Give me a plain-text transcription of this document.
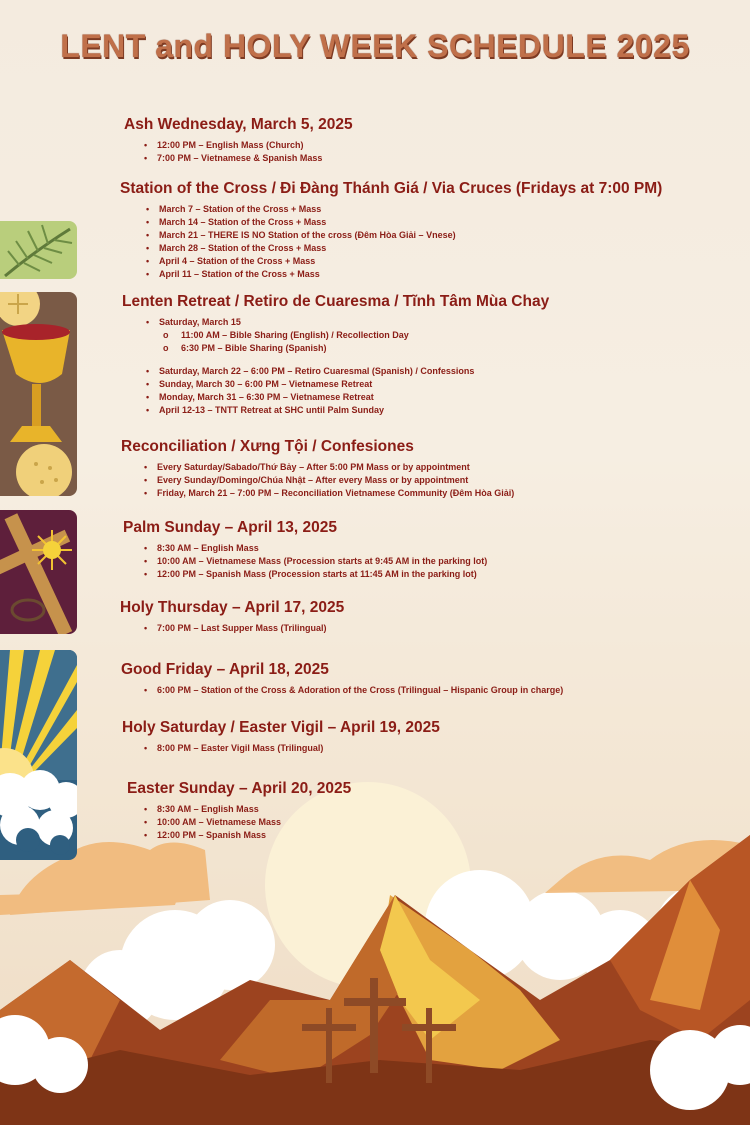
LENT and HOLY WEEK SCHEDULE 2025
Ash Wednesday, March 5, 2025
• 12:00 PM – English Mass (Church)
• 7:00 PM – Vietnamese & Spanish Mass
Station of the Cross / Đi Đàng Thánh Giá / Via Cruces (Fridays at 7:00 PM)
• March 7 – Station of the Cross + Mass
• March 14 – Station of the Cross + Mass
• March 21 – THERE IS NO Station of the cross (Đêm Hòa Giải – Vnese)
• March 28 – Station of the Cross + Mass
• April 4 – Station of the Cross + Mass
• April 11 – Station of the Cross + Mass
Lenten Retreat / Retiro de Cuaresma / Tĩnh Tâm Mùa Chay
• Saturday, March 15
o 11:00 AM – Bible Sharing (English) / Recollection Day
o 6:30 PM – Bible Sharing (Spanish)
• Saturday, March 22 – 6:00 PM – Retiro Cuaresmal (Spanish) / Confessions
• Sunday, March 30 – 6:00 PM – Vietnamese Retreat
• Monday, March 31 – 6:30 PM – Vietnamese Retreat
• April 12-13 – TNTT Retreat at SHC until Palm Sunday
Reconciliation / Xưng Tội / Confesiones
• Every Saturday/Sabado/Thứ Bảy – After 5:00 PM Mass or by appointment
• Every Sunday/Domingo/Chúa Nhật – After every Mass or by appointment
• Friday, March 21 – 7:00 PM – Reconciliation Vietnamese Community (Đêm Hòa Giải)
Palm Sunday – April 13, 2025
• 8:30 AM – English Mass
• 10:00 AM – Vietnamese Mass (Procession starts at 9:45 AM in the parking lot)
• 12:00 PM – Spanish Mass (Procession starts at 11:45 AM in the parking lot)
Holy Thursday – April 17, 2025
• 7:00 PM – Last Supper Mass (Trilingual)
Good Friday – April 18, 2025
• 6:00 PM – Station of the Cross & Adoration of the Cross (Trilingual – Hispanic Group in charge)
Holy Saturday / Easter Vigil – April 19, 2025
• 8:00 PM – Easter Vigil Mass (Trilingual)
Easter Sunday – April 20, 2025
• 8:30 AM – English Mass
• 10:00 AM – Vietnamese Mass
• 12:00 PM – Spanish Mass
